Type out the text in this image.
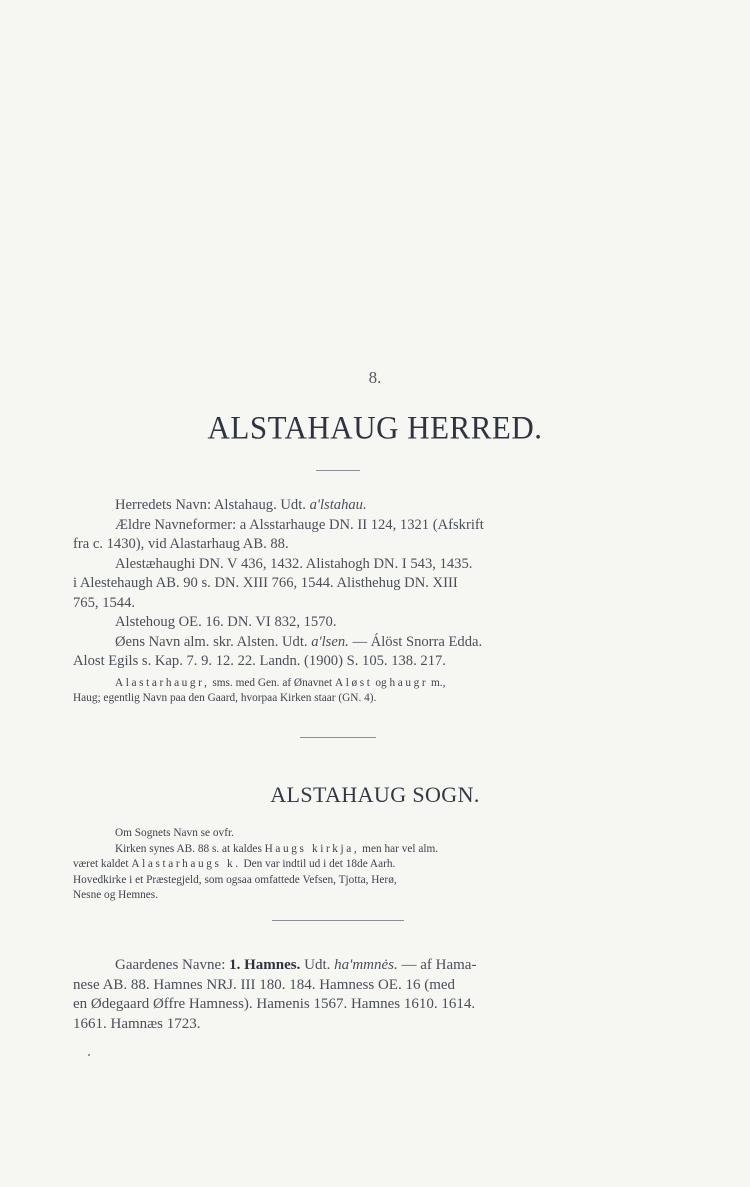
8.
ALSTAHAUG HERRED.

Herredets Navn: Alstahaug. Udt. a'lstahau.

Ældre Navneformer: a Alsstarhauge DN. II 124, 1321 (Afskrift

fra c. 1430), vid Alastarhaug AB. 88.

Alestæhaughi DN. V 436, 1432. Alistahogh DN. I 543, 1435.

i Alestehaugh AB. 90 s. DN. XIII 766, 1544. Alisthehug DN. XIII

765, 1544.

Alstehoug OE. 16. DN. VI 832, 1570.

Øens Navn alm. skr. Alsten. Udt. a'lsen. — Álöst Snorra Edda.

Alost Egils s. Kap. 7. 9. 12. 22. Landn. (1900) S. 105. 138. 217.

Alastarhaugr, sms. med Gen. af Ønavnet Aløst og haugr m.,

Haug; egentlig Navn paa den Gaard, hvorpaa Kirken staar (GN. 4).

ALSTAHAUG SOGN.

Om Sognets Navn se ovfr.

Kirken synes AB. 88 s. at kaldes Haugs kirkja, men har vel alm.

været kaldet Alastarhaugs k. Den var indtil ud i det 18de Aarh.

Hovedkirke i et Præstegjeld, som ogsaa omfattede Vefsen, Tjotta, Herø,

Nesne og Hemnes.

Gaardenes Navne: 1. Hamnes. Udt. ha'mmnės. — af Hama-

nese AB. 88. Hamnes NRJ. III 180. 184. Hamness OE. 16 (med

en Ødegaard Øffre Hamness). Hamenis 1567. Hamnes 1610. 1614.

1661. Hamnæs 1723.
